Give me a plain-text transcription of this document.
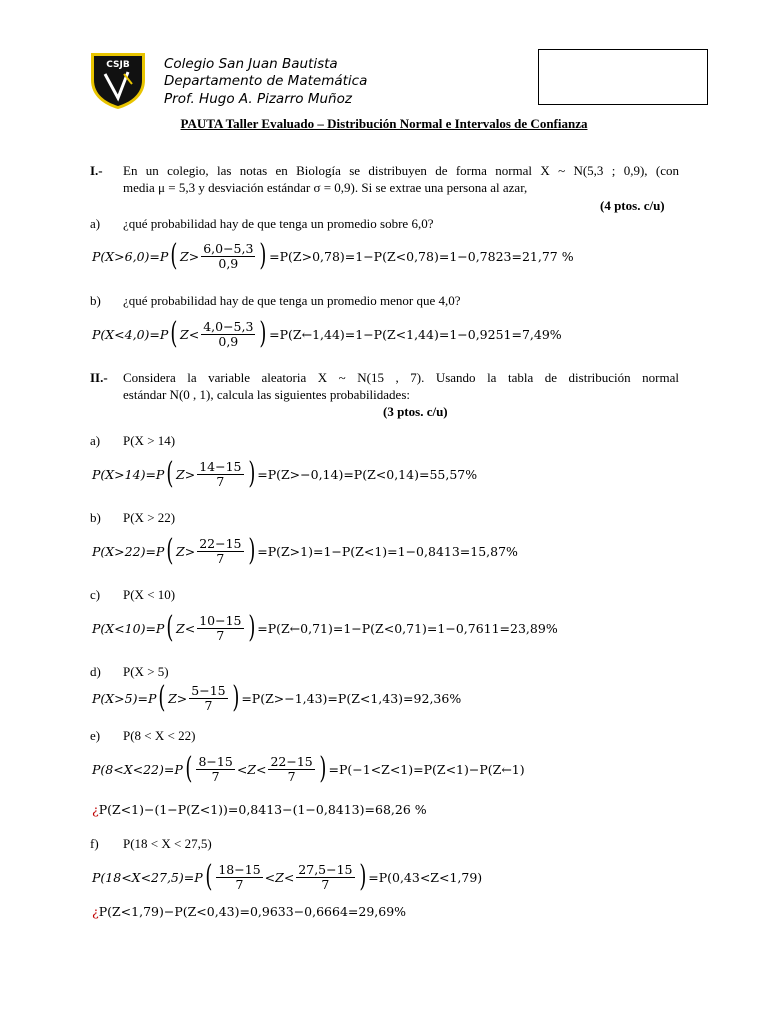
CSJB	Colegio San Juan Bautista
Departamento de Matemática
Prof. Hugo A. Pizarro Muñoz
PAUTA Taller Evaluado – Distribución Normal e Intervalos de Confianza
I.- En un colegio, las notas en Biología se distribuyen de forma normal X ~ N(5,3 ; 0,9), (con
media μ = 5,3 y desviación estándar σ = 0,9). Si se extrae una persona al azar,
(4 ptos. c/u)
a) ¿qué probabilidad hay de que tenga un promedio sobre 6,0?
P(X>6,0)=P ( $Z> \frac{6,0-5,3}{0,9}$ ) =P(Z>0,78)=1−P(Z<0,78)=1−0,7823=21,77 %
b) ¿qué probabilidad hay de que tenga un promedio menor que 4,0?
P(X<4,0)=P ( $Z< \frac{4,0-5,3}{0,9}$ ) =P(Z←1,44)=1−P(Z<1,44)=1−0,9251=7,49%
II.- Considera la variable aleatoria X ~ N(15 , 7). Usando la tabla de distribución normal
estándar N(0 , 1), calcula las siguientes probabilidades:
(3 ptos. c/u)
a) P(X > 14)
P(X>14)=P ( $Z> \frac{14-15}{7}$ ) =P(Z>−0,14)=P(Z<0,14)=55,57%
b) P(X > 22)
P(X>22)=P ( $Z> \frac{22-15}{7}$ ) =P(Z>1)=1−P(Z<1)=1−0,8413=15,87%
c) P(X < 10)
P(X<10)=P ( $Z< \frac{10-15}{7}$ ) =P(Z←0,71)=1−P(Z<0,71)=1−0,7611=23,89%
d) P(X > 5)
P(X>5)=P ( $Z> \frac{5-15}{7}$ ) =P(Z>−1,43)=P(Z<1,43)=92,36%
e) P(8 < X < 22)
P(8<X<22)=P ( $\frac{8-15}{7} <Z< \frac{22-15}{7}$ ) =P(−1<Z<1)=P(Z<1)−P(Z←1)
¿ P(Z<1)−(1−P(Z<1))=0,8413−(1−0,8413)=68,26 %
f) P(18 < X < 27,5)
P(18<X<27,5)=P ( $\frac{18-15}{7} <Z< \frac{27,5-15}{7}$ ) =P(0,43<Z<1,79)
¿ P(Z<1,79)−P(Z<0,43)=0,9633−0,6664=29,69%
